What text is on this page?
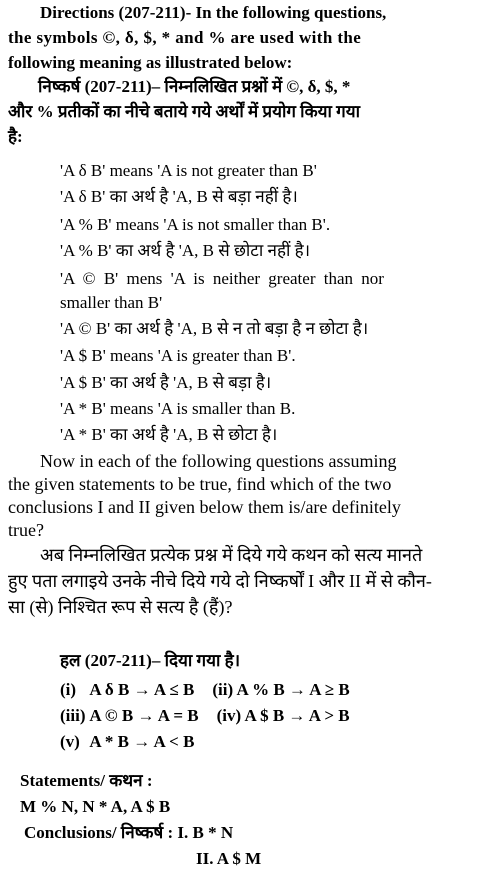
Directions (207-211)- In the following questions,
the symbols ©, δ, $, * and % are used with the
following meaning as illustrated below:
निष्कर्ष (207-211)– निम्नलिखित प्रश्नों में ©, δ, $, *
और % प्रतीकों का नीचे बताये गये अर्थों में प्रयोग किया गया
है:
'A δ B' means 'A is not greater than B'
'A δ B' का अर्थ है 'A, B से बड़ा नहीं है।
'A % B' means 'A is not smaller than B'.
'A % B' का अर्थ है 'A, B से छोटा नहीं है।
'A © B' mens 'A is neither greater than nor
smaller than B'
'A © B' का अर्थ है 'A, B से न तो बड़ा है न छोटा है।
'A $ B' means 'A is greater than B'.
'A $ B' का अर्थ है 'A, B से बड़ा है।
'A * B' means 'A is smaller than B.
'A * B' का अर्थ है 'A, B से छोटा है।
Now in each of the following questions assuming
the given statements to be true, find which of the two
conclusions I and II given below them is/are definitely
true?
अब निम्नलिखित प्रत्येक प्रश्न में दिये गये कथन को सत्य मानते
हुए पता लगाइये उनके नीचे दिये गये दो निष्कर्षों I और II में से कौन-
सा (से) निश्चित रूप से सत्य है (हैं)?
हल (207-211)– दिया गया है।
(i) A δ B → A ≤ B (ii) A % B → A ≥ B
(iii) A © B → A = B (iv) A $ B → A > B
(v) A * B → A < B
Statements/ कथन :
M % N, N * A, A $ B
Conclusions/ निष्कर्ष : I. B * N
II. A $ M
